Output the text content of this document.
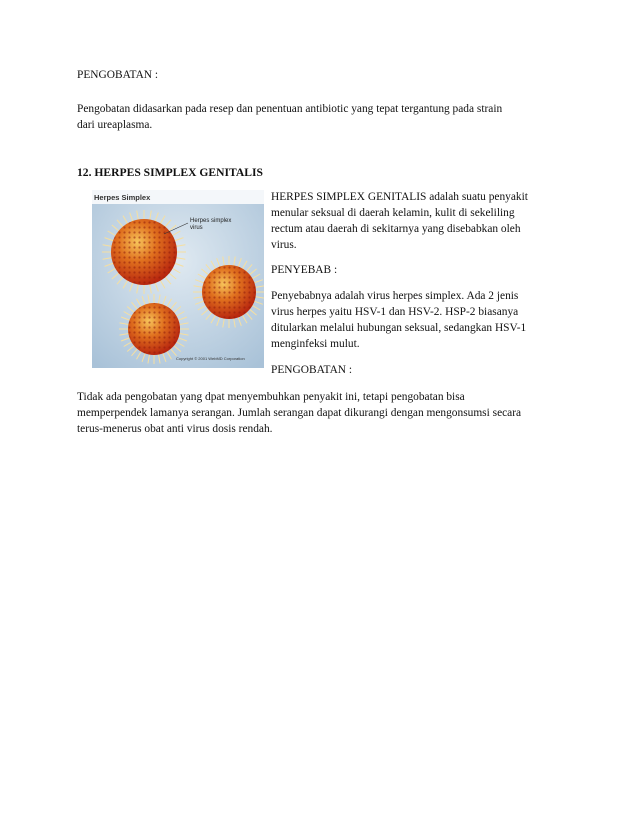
PENGOBATAN :

Pengobatan didasarkan pada resep dan penentuan antibiotic yang tepat tergantung pada strain

dari ureaplasma.

12. HERPES SIMPLEX GENITALIS

Herpes Simplex
Herpes simplex
virus
Copyright © 2001 WebMD Corporation

HERPES SIMPLEX GENITALIS adalah suatu penyakit

menular seksual di daerah kelamin, kulit di sekeliling

rectum atau daerah di sekitarnya yang disebabkan oleh

virus.

PENYEBAB :

Penyebabnya adalah virus herpes simplex. Ada 2 jenis

virus herpes yaitu HSV-1 dan HSV-2. HSP-2 biasanya

ditularkan melalui hubungan seksual, sedangkan HSV-1

menginfeksi mulut.

PENGOBATAN :

Tidak ada pengobatan yang dpat menyembuhkan penyakit ini, tetapi pengobatan bisa

memperpendek lamanya serangan. Jumlah serangan dapat dikurangi dengan mengonsumsi secara

terus-menerus obat anti virus dosis rendah.
